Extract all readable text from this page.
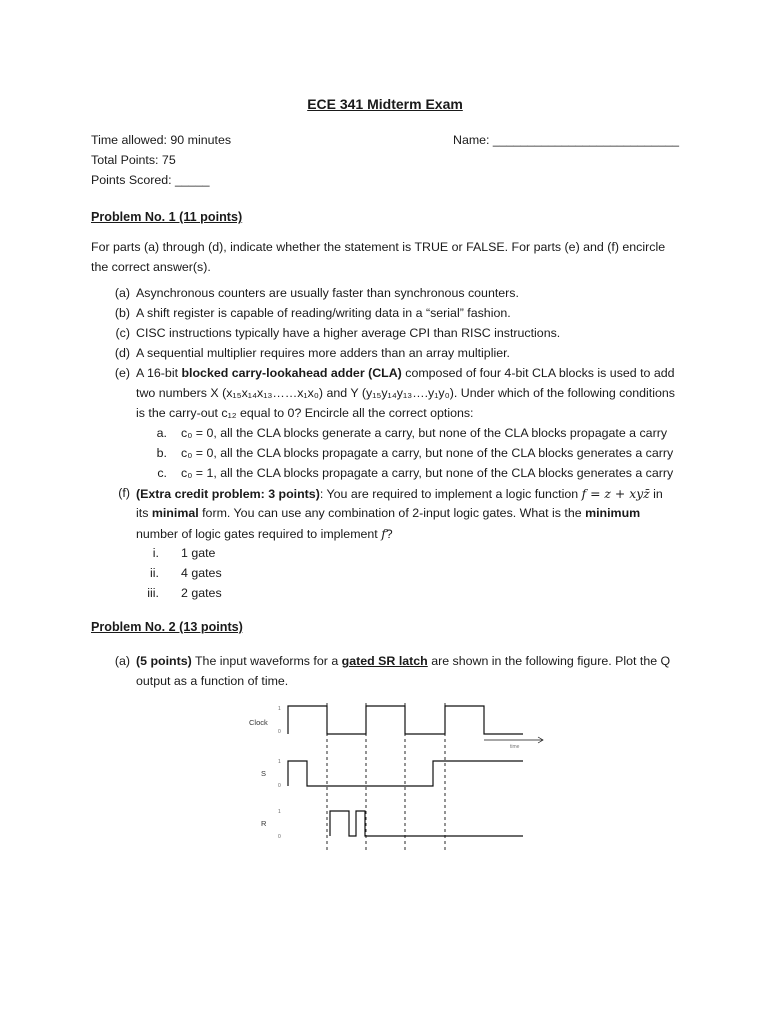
ECE 341 Midterm Exam
Time allowed: 90 minutes	Name: ___________________________
Total Points: 75
Points Scored: _____
Problem No. 1 (11 points)
For parts (a) through (d), indicate whether the statement is TRUE or FALSE. For parts (e) and (f) encircle the correct answer(s).
(a) Asynchronous counters are usually faster than synchronous counters.
(b) A shift register is capable of reading/writing data in a “serial” fashion.
(c) CISC instructions typically have a higher average CPI than RISC instructions.
(d) A sequential multiplier requires more adders than an array multiplier.
(e) A 16-bit blocked carry-lookahead adder (CLA) composed of four 4-bit CLA blocks is used to add
two numbers X (x₁₅x₁₄x₁₃……x₁x₀) and Y (y₁₅y₁₄y₁₃….y₁y₀). Under which of the following conditions
is the carry-out c₁₂ equal to 0? Encircle all the correct options:
a. c₀ = 0, all the CLA blocks generate a carry, but none of the CLA blocks propagate a carry
b. c₀ = 0, all the CLA blocks propagate a carry, but none of the CLA blocks generates a carry
c. c₀ = 1, all the CLA blocks propagate a carry, but none of the CLA blocks generates a carry
(f) (Extra credit problem: 3 points): You are required to implement a logic function f = z + xyz̄ in
its minimal form. You can use any combination of 2-input logic gates. What is the minimum
number of logic gates required to implement f?
i. 1 gate
ii. 4 gates
iii. 2 gates
Problem No. 2 (13 points)
(a) (5 points) The input waveforms for a gated SR latch are shown in the following figure. Plot the Q
output as a function of time.
Clock
1
0
S
1
0
R
1
0
time
